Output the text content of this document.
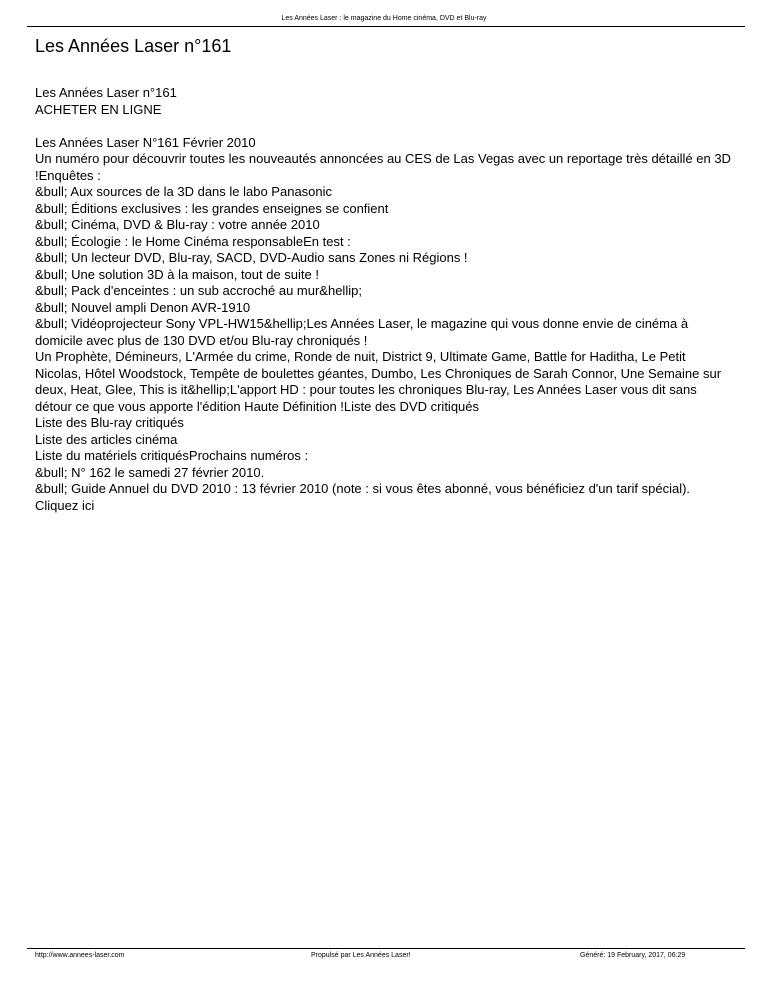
Les Années Laser : le magazine du Home cinéma, DVD et Blu-ray
Les Années Laser n°161

Les Années Laser n°161

ACHETER EN LIGNE

Les Années Laser N°161 Février 2010

Un numéro pour découvrir toutes les nouveautés annoncées au CES de Las Vegas avec un reportage très détaillé en 3D !Enquêtes :

&bull; Aux sources de la 3D dans le labo Panasonic

&bull; Éditions exclusives : les grandes enseignes se confient

&bull; Cinéma, DVD & Blu-ray : votre année 2010

&bull; Écologie : le Home Cinéma responsableEn test :

&bull; Un lecteur DVD, Blu-ray, SACD, DVD-Audio sans Zones ni Régions !

&bull; Une solution 3D à la maison, tout de suite !

&bull; Pack d'enceintes : un sub accroché au mur&hellip;

&bull; Nouvel ampli Denon AVR-1910

&bull; Vidéoprojecteur Sony VPL-HW15&hellip;Les Années Laser, le magazine qui vous donne envie de cinéma à domicile avec plus de 130 DVD et/ou Blu-ray chroniqués !

Un Prophète, Démineurs, L'Armée du crime, Ronde de nuit, District 9, Ultimate Game, Battle for Haditha, Le Petit Nicolas, Hôtel Woodstock, Tempête de boulettes géantes, Dumbo, Les Chroniques de Sarah Connor, Une Semaine sur deux, Heat, Glee, This is it&hellip;L'apport HD : pour toutes les chroniques Blu-ray, Les Années Laser vous dit sans détour ce que vous apporte l'édition Haute Définition !Liste des DVD critiqués

Liste des Blu-ray critiqués

Liste des articles cinéma

Liste du matériels critiquésProchains numéros :

&bull; N° 162 le samedi 27 février 2010.

&bull; Guide Annuel du DVD 2010 : 13 février 2010 (note : si vous êtes abonné, vous bénéficiez d'un tarif spécial). Cliquez ici

http://www.annees-laser.com	Propulsé par Les Années Laser!	Généré: 19 February, 2017, 06:29
